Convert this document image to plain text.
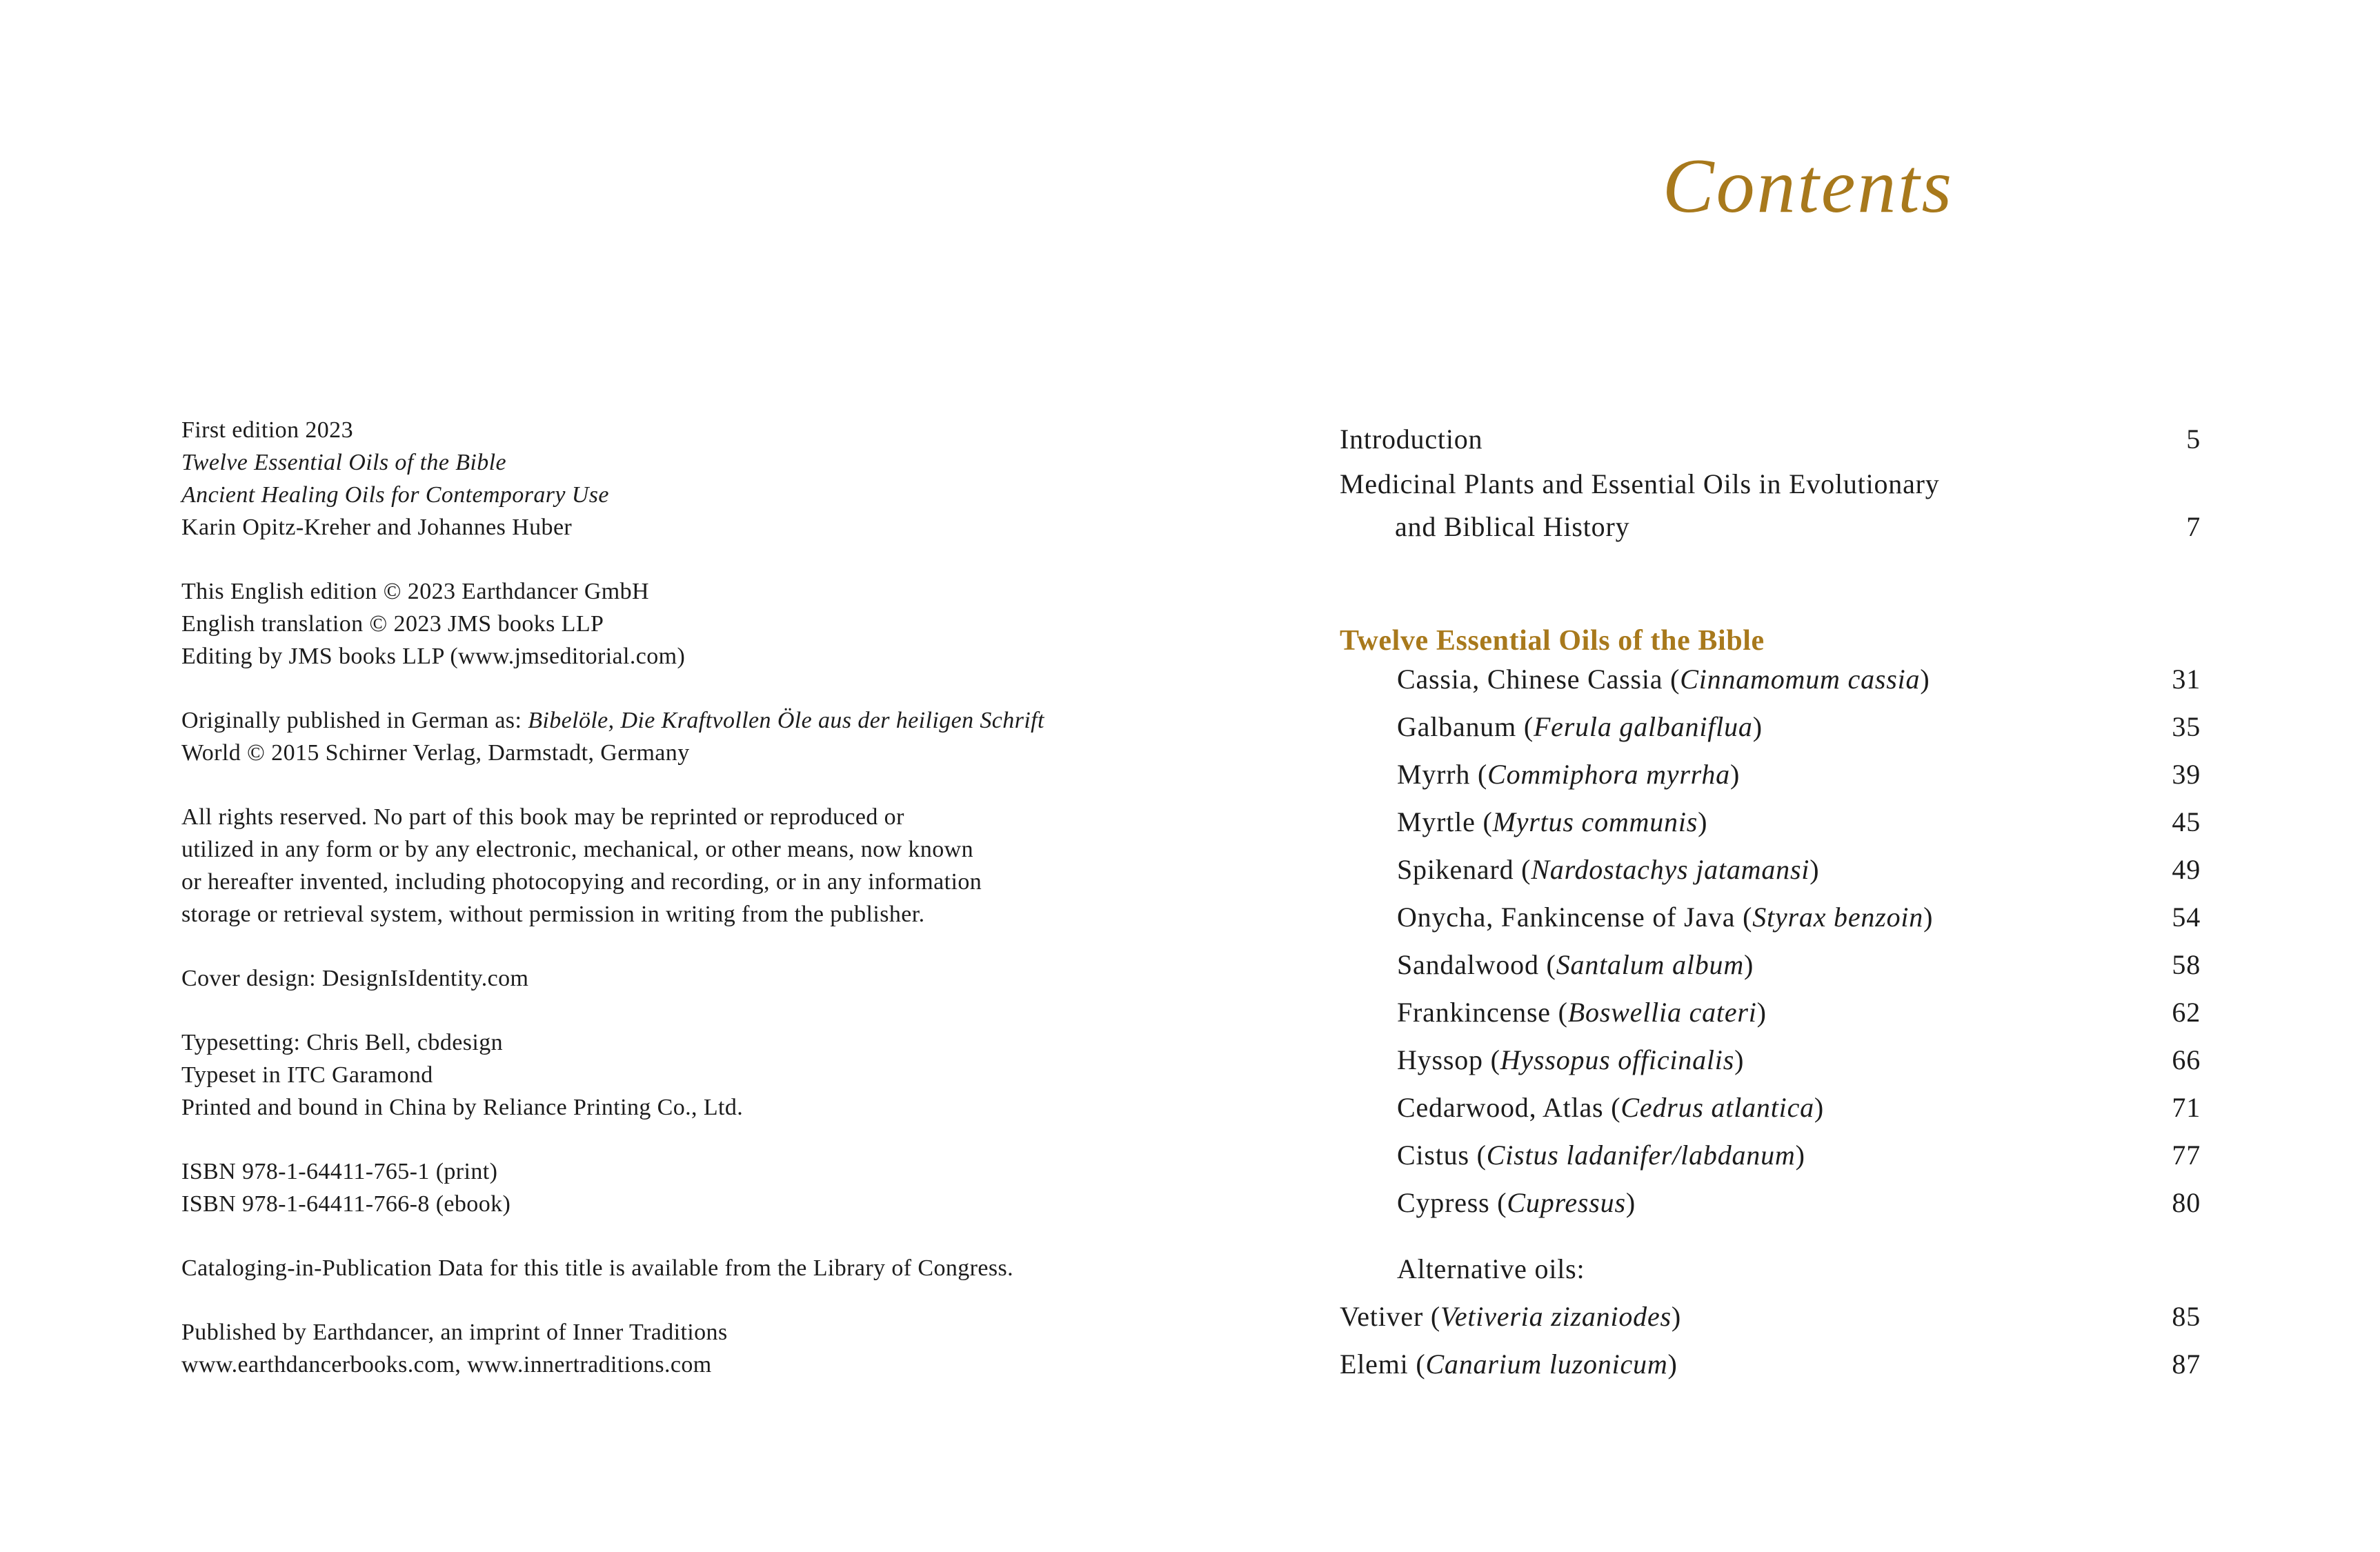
First edition 2023
Twelve Essential Oils of the Bible
Ancient Healing Oils for Contemporary Use
Karin Opitz-Kreher and Johannes Huber
This English edition © 2023 Earthdancer GmbH
English translation © 2023 JMS books LLP
Editing by JMS books LLP (www.jmseditorial.com)
Originally published in German as: Bibelöle, Die Kraftvollen Öle aus der heiligen Schrift
World © 2015 Schirner Verlag, Darmstadt, Germany
All rights reserved. No part of this book may be reprinted or reproduced or
utilized in any form or by any electronic, mechanical, or other means, now known
or hereafter invented, including photocopying and recording, or in any information
storage or retrieval system, without permission in writing from the publisher.
Cover design: DesignIsIdentity.com
Typesetting: Chris Bell, cbdesign
Typeset in ITC Garamond
Printed and bound in China by Reliance Printing Co., Ltd.
ISBN 978-1-64411-765-1 (print)
ISBN 978-1-64411-766-8 (ebook)
Cataloging-in-Publication Data for this title is available from the Library of Congress.
Published by Earthdancer, an imprint of Inner Traditions
www.earthdancerbooks.com, www.innertraditions.com
Contents
Introduction	5
Medicinal Plants and Essential Oils in Evolutionary
and Biblical History	7
Twelve Essential Oils of the Bible
Cassia, Chinese Cassia (Cinnamomum cassia)	31
Galbanum (Ferula galbaniflua)	35
Myrrh (Commiphora myrrha)	39
Myrtle (Myrtus communis)	45
Spikenard (Nardostachys jatamansi)	49
Onycha, Fankincense of Java (Styrax benzoin)	54
Sandalwood (Santalum album)	58
Frankincense (Boswellia cateri)	62
Hyssop (Hyssopus officinalis)	66
Cedarwood, Atlas (Cedrus atlantica)	71
Cistus (Cistus ladanifer/labdanum)	77
Cypress (Cupressus)	80
Alternative oils:
Vetiver (Vetiveria zizaniodes)	85
Elemi (Canarium luzonicum)	87
